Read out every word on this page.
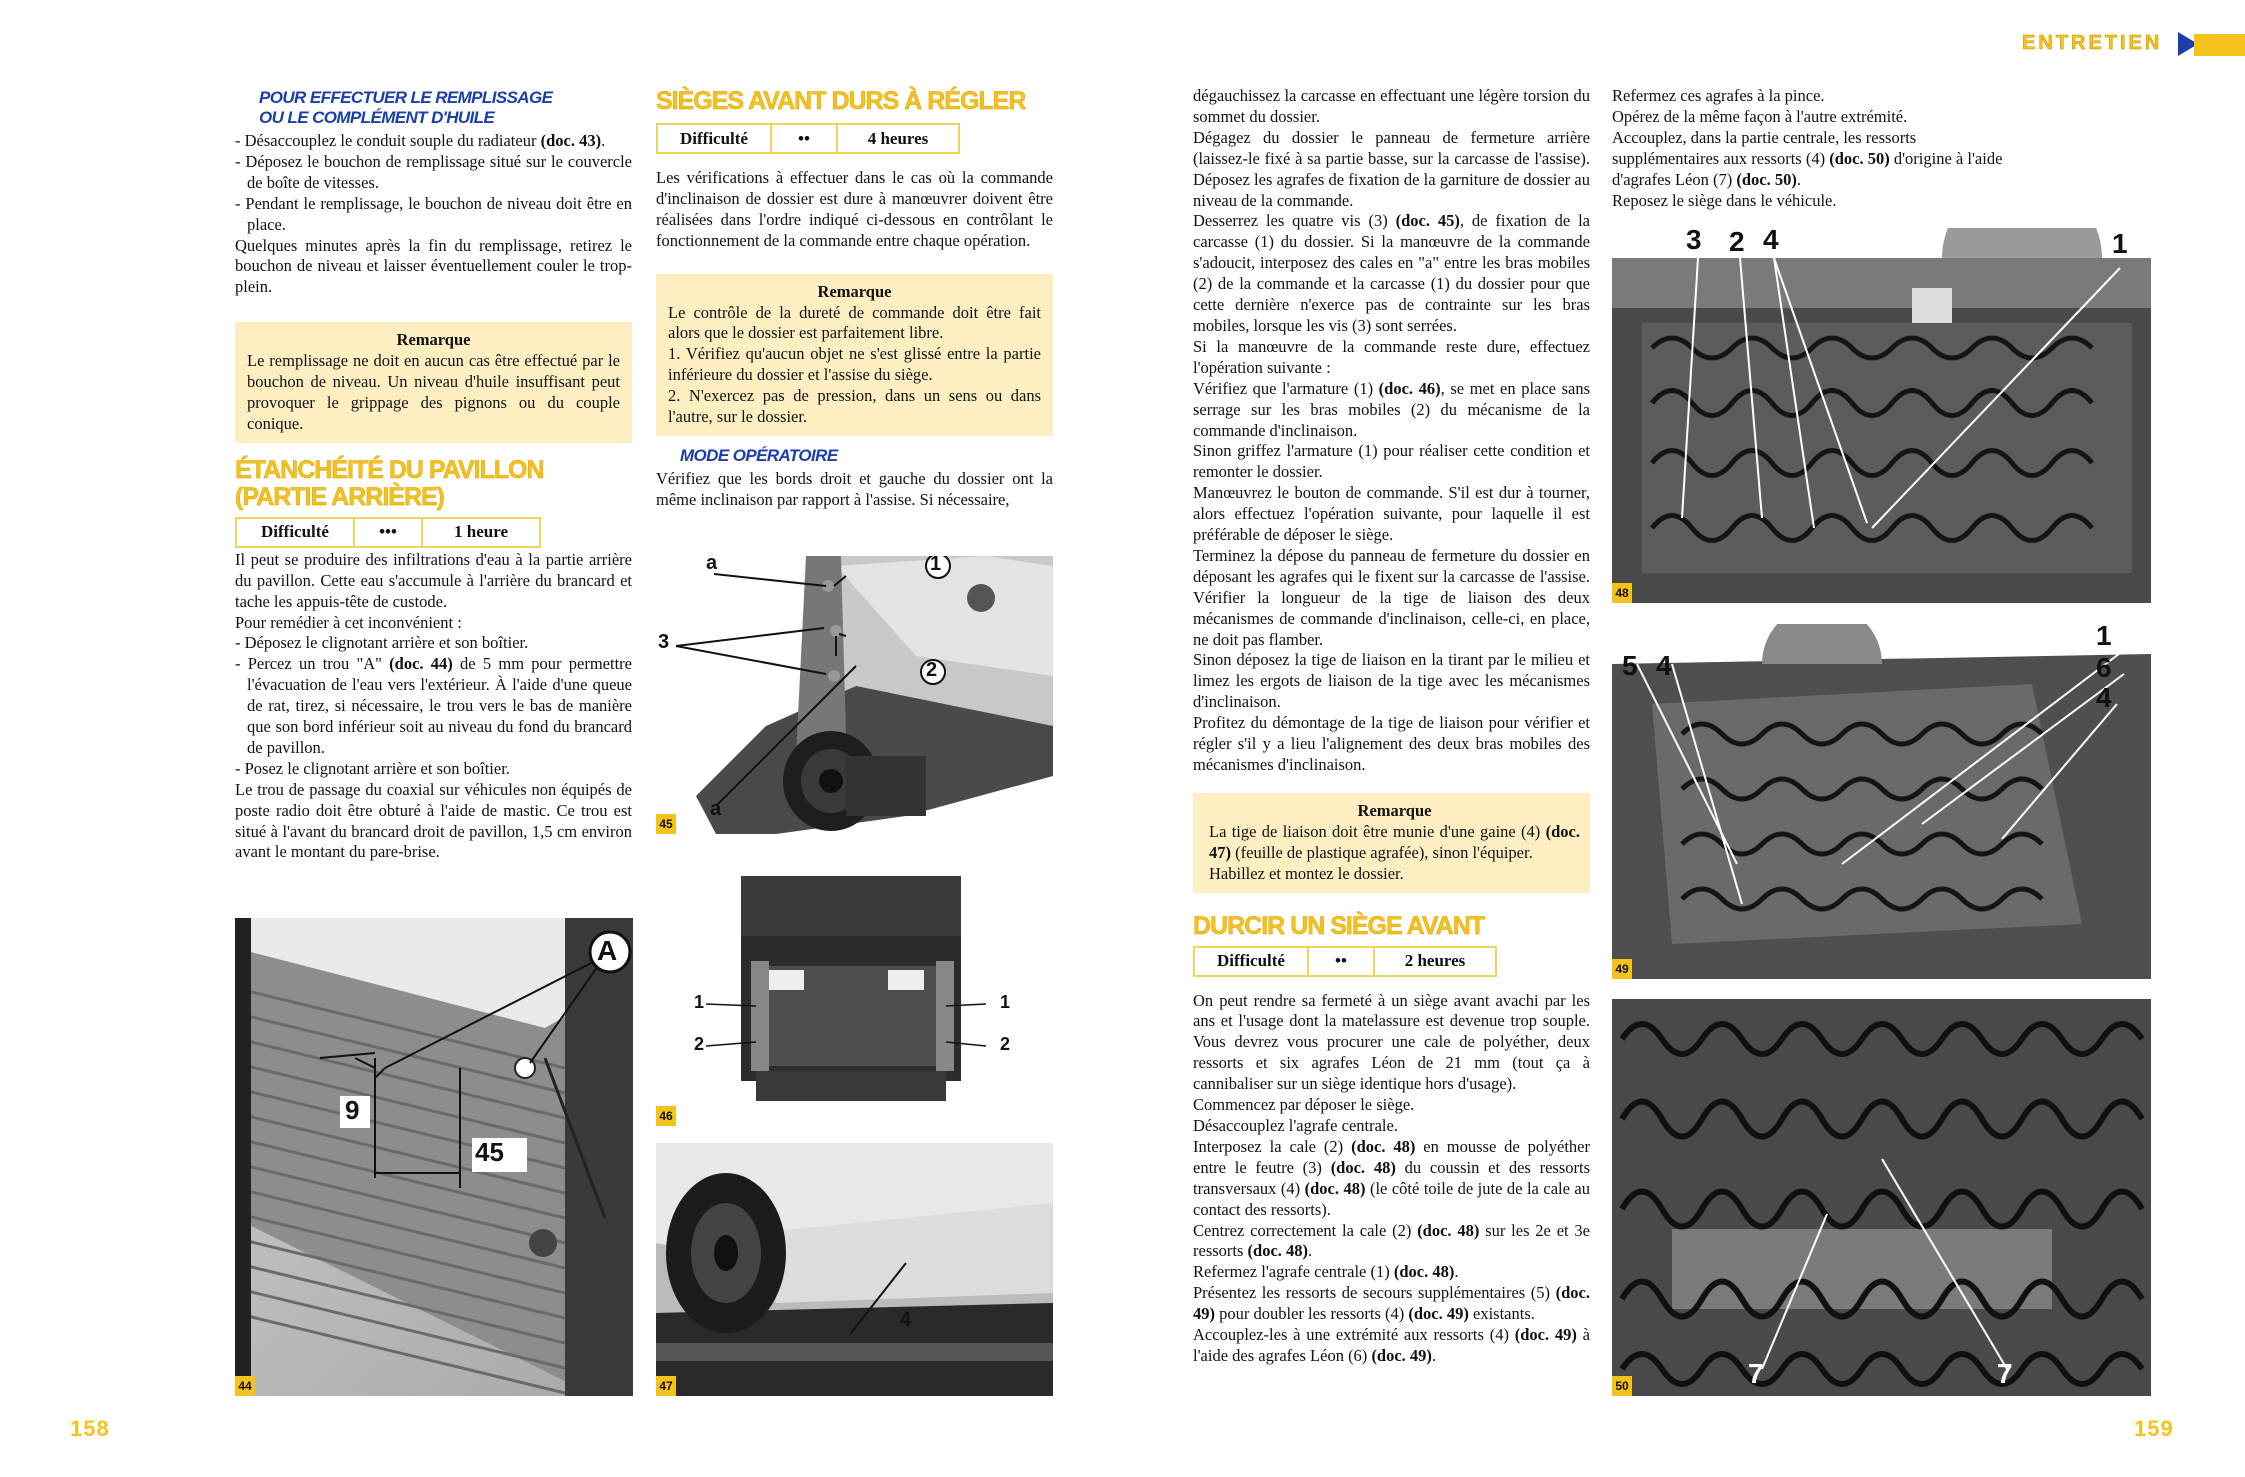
ENTRETIEN
POUR EFFECTUER LE REMPLISSAGE
OU LE COMPLÉMENT D'HUILE

- Désaccouplez le conduit souple du radiateur (doc. 43).

- Déposez le bouchon de remplissage situé sur le couvercle de boîte de vitesses.

- Pendant le remplissage, le bouchon de niveau doit être en place.

Quelques minutes après la fin du remplissage, retirez le bouchon de niveau et laisser éventuellement couler le trop-plein.

Remarque
Le remplissage ne doit en aucun cas être effectué par le bouchon de niveau. Un niveau d'huile insuffisant peut provoquer le grippage des pignons ou du couple conique.
ÉTANCHÉITÉ DU PAVILLON
(PARTIE ARRIÈRE)
Difficulté	•••	1 heure

Il peut se produire des infiltrations d'eau à la partie arrière du pavillon. Cette eau s'accumule à l'arrière du brancard et tache les appuis-tête de custode.

Pour remédier à cet inconvénient :

- Déposez le clignotant arrière et son boîtier.

- Percez un trou "A" (doc. 44) de 5 mm pour permettre l'évacuation de l'eau vers l'extérieur. À l'aide d'une queue de rat, tirez, si nécessaire, le trou vers le bas de manière que son bord inférieur soit au niveau du fond du brancard de pavillon.

- Posez le clignotant arrière et son boîtier.

Le trou de passage du coaxial sur véhicules non équipés de poste radio doit être obturé à l'aide de mastic. Ce trou est situé à l'avant du brancard droit de pavillon, 1,5 cm environ avant le montant du pare-brise.

A
9
45
44
SIÈGES AVANT DURS À RÉGLER
Difficulté	••	4 heures

Les vérifications à effectuer dans le cas où la commande d'inclinaison de dossier est dure à manœuvrer doivent être réalisées dans l'ordre indiqué ci-dessous en contrôlant le fonctionnement de la commande entre chaque opération.

Remarque
Le contrôle de la dureté de commande doit être fait alors que le dossier est parfaitement libre.
1. Vérifiez qu'aucun objet ne s'est glissé entre la partie inférieure du dossier et l'assise du siège.
2. N'exercez pas de pression, dans un sens ou dans l'autre, sur le dossier.
MODE OPÉRATOIRE

Vérifiez que les bords droit et gauche du dossier ont la même inclinaison par rapport à l'assise. Si nécessaire,

a	1
3
2
a
45
1	1
2	2
46
4
47

dégauchissez la carcasse en effectuant une légère torsion du sommet du dossier.

Dégagez du dossier le panneau de fermeture arrière (laissez-le fixé à sa partie basse, sur la carcasse de l'assise). Déposez les agrafes de fixation de la garniture de dossier au niveau de la commande.

Desserrez les quatre vis (3) (doc. 45), de fixation de la carcasse (1) du dossier. Si la manœuvre de la commande s'adoucit, interposez des cales en "a" entre les bras mobiles (2) de la commande et la carcasse (1) du dossier pour que cette dernière n'exerce pas de contrainte sur les bras mobiles, lorsque les vis (3) sont serrées.

Si la manœuvre de la commande reste dure, effectuez l'opération suivante :

Vérifiez que l'armature (1) (doc. 46), se met en place sans serrage sur les bras mobiles (2) du mécanisme de la commande d'inclinaison.

Sinon griffez l'armature (1) pour réaliser cette condition et remonter le dossier.

Manœuvrez le bouton de commande. S'il est dur à tourner, alors effectuez l'opération suivante, pour laquelle il est préférable de déposer le siège.

Terminez la dépose du panneau de fermeture du dossier en déposant les agrafes qui le fixent sur la carcasse de l'assise. Vérifier la longueur de la tige de liaison des deux mécanismes de commande d'inclinaison, celle-ci, en place, ne doit pas flamber.

Sinon déposez la tige de liaison en la tirant par le milieu et limez les ergots de liaison de la tige avec les mécanismes d'inclinaison.

Profitez du démontage de la tige de liaison pour vérifier et régler s'il y a lieu l'alignement des deux bras mobiles des mécanismes d'inclinaison.

Remarque
La tige de liaison doit être munie d'une gaine (4) (doc. 47) (feuille de plastique agrafée), sinon l'équiper.
Habillez et montez le dossier.
DURCIR UN SIÈGE AVANT
Difficulté	••	2 heures

On peut rendre sa fermeté à un siège avant avachi par les ans et l'usage dont la matelassure est devenue trop souple. Vous devrez vous procurer une cale de polyéther, deux ressorts et six agrafes Léon de 21 mm (tout ça à cannibaliser sur un siège identique hors d'usage).

Commencez par déposer le siège.

Désaccouplez l'agrafe centrale.

Interposez la cale (2) (doc. 48) en mousse de polyéther entre le feutre (3) (doc. 48) du coussin et des ressorts transversaux (4) (doc. 48) (le côté toile de jute de la cale au contact des ressorts).

Centrez correctement la cale (2) (doc. 48) sur les 2e et 3e ressorts (doc. 48).

Refermez l'agrafe centrale (1) (doc. 48).

Présentez les ressorts de secours supplémentaires (5) (doc. 49) pour doubler les ressorts (4) (doc. 49) existants.

Accouplez-les à une extrémité aux ressorts (4) (doc. 49) à l'aide des agrafes Léon (6) (doc. 49).

Refermez ces agrafes à la pince.

Opérez de la même façon à l'autre extrémité.

Accouplez, dans la partie centrale, les ressorts supplémentaires aux ressorts (4) (doc. 50) d'origine à l'aide d'agrafes Léon (7) (doc. 50).

Reposez le siège dans le véhicule.

3 2 4	1
48
5 4
1
6
4
49
7	7
50
158	159
